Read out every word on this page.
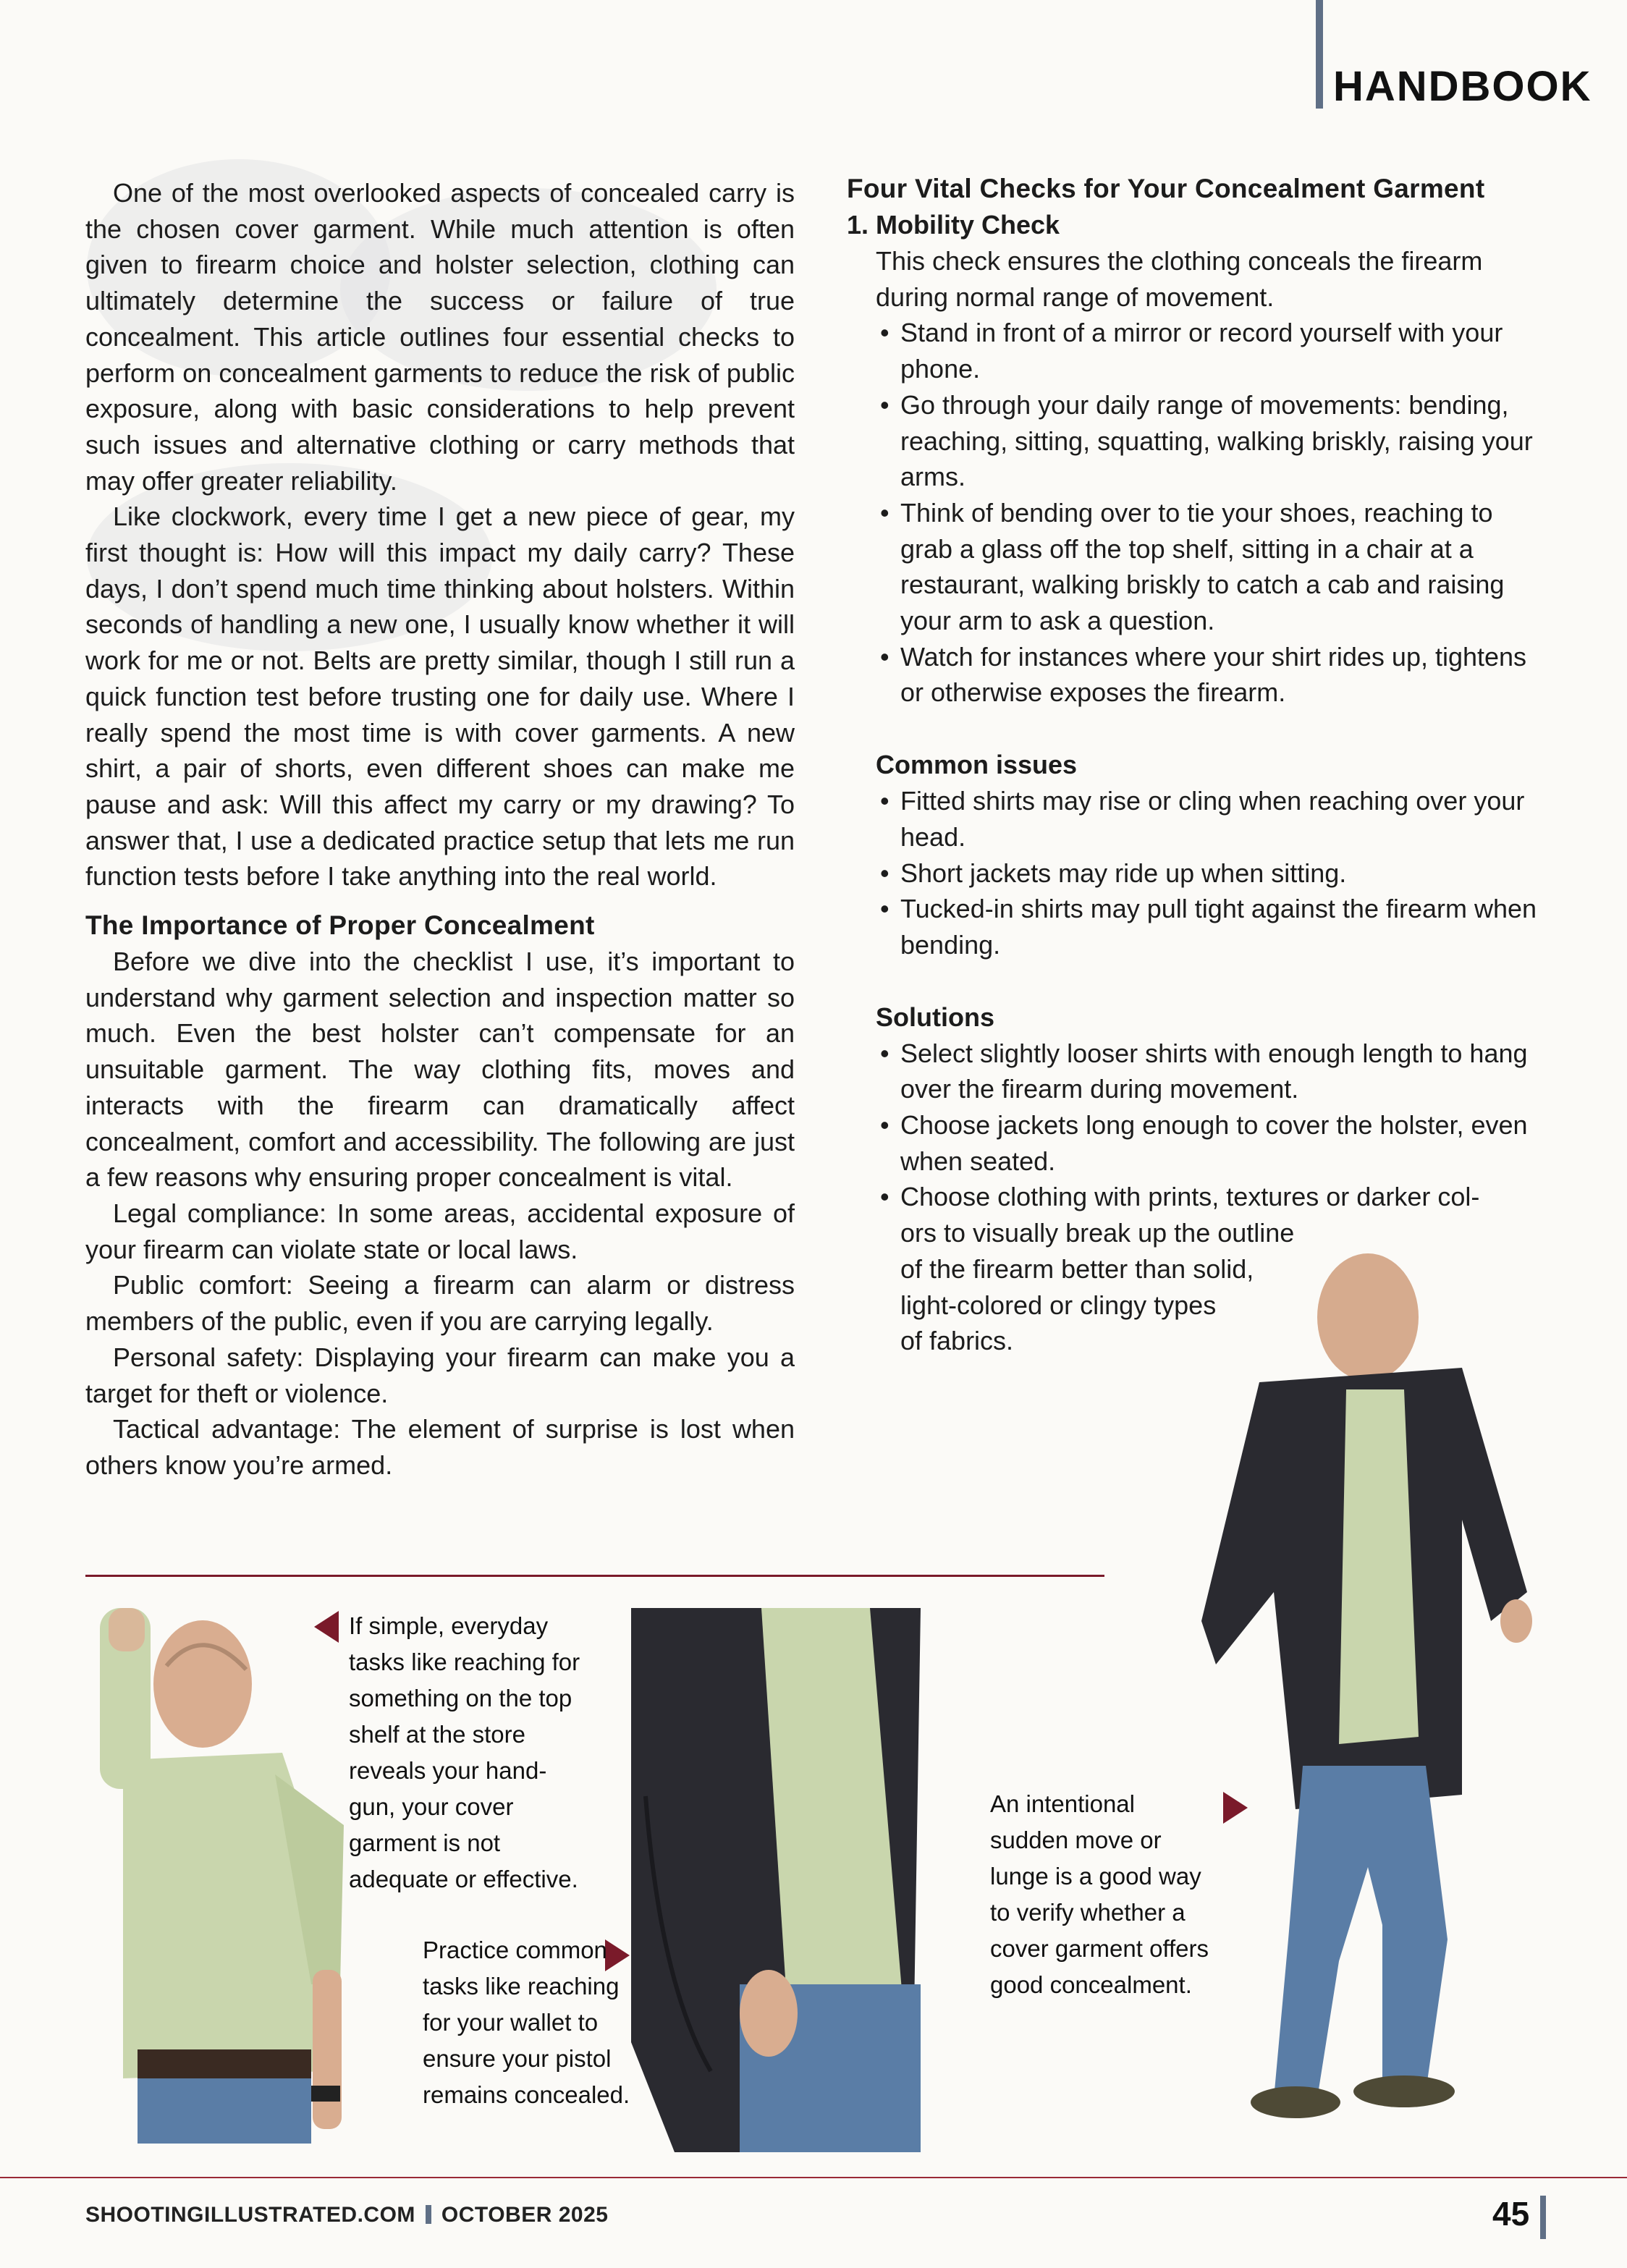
HANDBOOK

One of the most overlooked aspects of concealed carry is the chosen cover garment. While much attention is often given to firearm choice and holster selection, clothing can ultimately determine the success or failure of true concealment. This article outlines four essential checks to perform on concealment garments to reduce the risk of public exposure, along with basic considerations to help prevent such issues and alternative clothing or carry methods that may offer greater reliability.

Like clockwork, every time I get a new piece of gear, my first thought is: How will this impact my daily carry? These days, I don’t spend much time thinking about holsters. Within seconds of handling a new one, I usually know whether it will work for me or not. Belts are pretty similar, though I still run a quick function test before trusting one for daily use. Where I really spend the most time is with cover garments. A new shirt, a pair of shorts, even different shoes can make me pause and ask: Will this affect my carry or my drawing? To answer that, I use a dedicated practice setup that lets me run function tests before I take anything into the real world.

The Importance of Proper Concealment

Before we dive into the checklist I use, it’s important to understand why garment selection and inspection matter so much. Even the best holster can’t compensate for an unsuitable garment. The way clothing fits, moves and interacts with the firearm can dramatically affect concealment, comfort and accessibility. The following are just a few reasons why ensuring proper concealment is vital.

Legal compliance: In some areas, accidental exposure of your firearm can violate state or local laws.

Public comfort: Seeing a firearm can alarm or distress members of the public, even if you are carrying legally.

Personal safety: Displaying your firearm can make you a target for theft or violence.

Tactical advantage: The element of surprise is lost when others know you’re armed.

Four Vital Checks for Your Concealment Garment
1. Mobility Check

This check ensures the clothing conceals the firearm during normal range of movement.

• Stand in front of a mirror or record yourself with your phone.
• Go through your daily range of movements: bending, reaching, sitting, squatting, walking briskly, raising your arms.
• Think of bending over to tie your shoes, reaching to grab a glass off the top shelf, sitting in a chair at a restaurant, walking briskly to catch a cab and raising your arm to ask a question.
• Watch for instances where your shirt rides up, tightens or otherwise exposes the firearm.
Common issues
• Fitted shirts may rise or cling when reaching over your head.
• Short jackets may ride up when sitting.
• Tucked-in shirts may pull tight against the firearm when bending.
Solutions
• Select slightly looser shirts with enough length to hang over the firearm during movement.
• Choose jackets long enough to cover the holster, even when seated.
• Choose clothing with prints, textures or darker col-
ors to visually break up the outline
of the firearm better than solid,
light-colored or clingy types
of fabrics.
If simple, everyday
tasks like reaching for
something on the top
shelf at the store
reveals your hand-
gun, your cover
garment is not
adequate or effective.
Practice common
tasks like reaching
for your wallet to
ensure your pistol
remains concealed.
An intentional
sudden move or
lunge is a good way
to verify whether a
cover garment offers
good concealment.
SHOOTINGILLUSTRATED.COM OCTOBER 2025	45
